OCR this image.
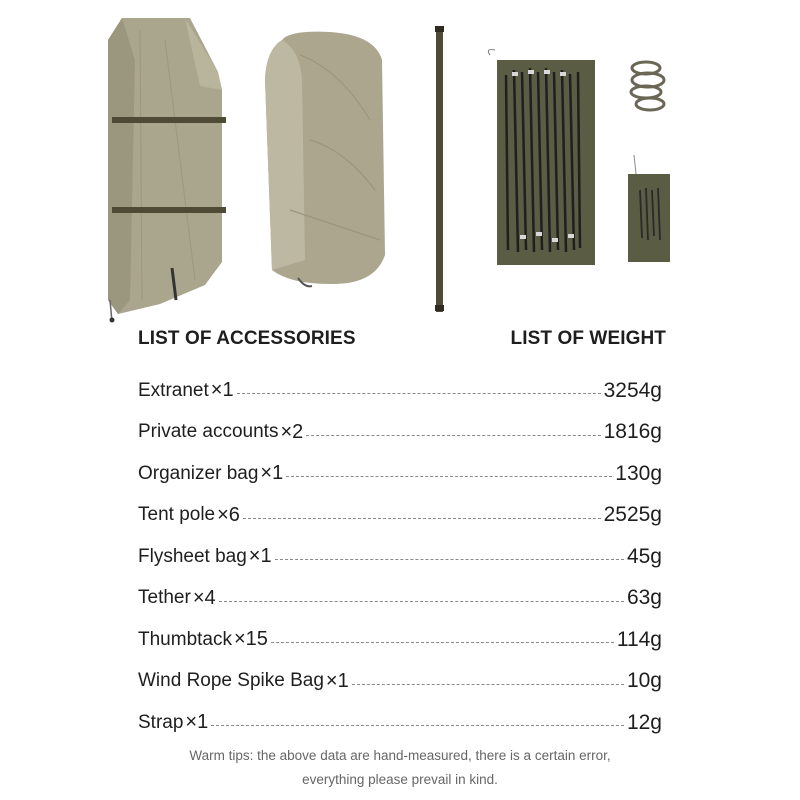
LIST OF ACCESSORIES	LIST OF WEIGHT
Extranet ×1	3254g
Private accounts ×2	1816g
Organizer bag ×1	130g
Tent pole ×6	2525g
Flysheet bag ×1	45g
Tether ×4	63g
Thumbtack ×15	114g
Wind Rope Spike Bag ×1	10g
Strap ×1	12g
Warm tips: the above data are hand-measured, there is a certain error,
everything please prevail in kind.
